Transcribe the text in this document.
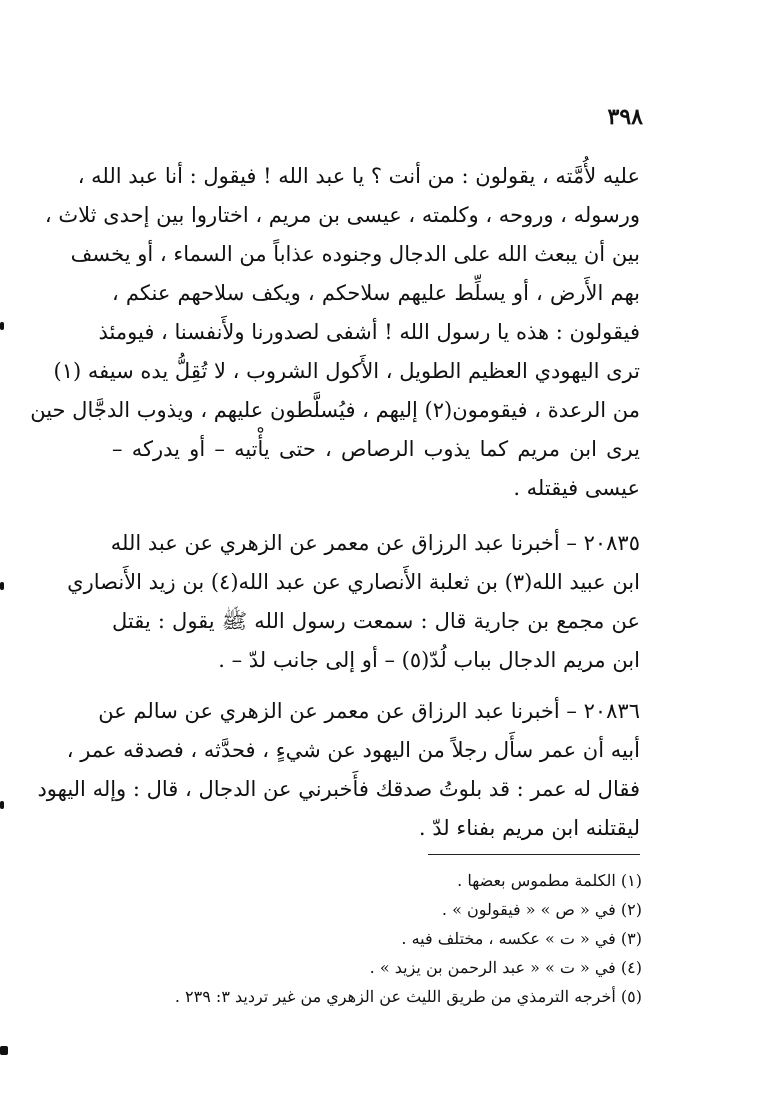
٣٩٨
عليه لأُمَّته ، يقولون : من أنت ؟ يا عبد الله ! فيقول : أنا عبد الله ،
ورسوله ، وروحه ، وكلمته ، عيسى بن مريم ، اختاروا بين إحدى ثلاث ،
بين أن يبعث الله على الدجال وجنوده عذاباً من السماء ، أو يخسف
بهم الأَرض ، أو يسلِّط عليهم سلاحكم ، ويكف سلاحهم عنكم ،
فيقولون : هذه يا رسول الله ! أشفى لصدورنا ولأَنفسنا ، فيومئذ
ترى اليهودي العظيم الطويل ، الأَكول الشروب ، لا تُقِلُّ يده سيفه (١)
من الرعدة ، فيقومون(٢) إليهم ، فيُسلَّطون عليهم ، ويذوب الدجَّال حين
يرى ابن مريم كما يذوب الرصاص ، حتى يأْتيه – أو يدركه –
عيسى فيقتله .
٢٠٨٣٥ – أخبرنا عبد الرزاق عن معمر عن الزهري عن عبد الله
ابن عبيد الله(٣) بن ثعلبة الأَنصاري عن عبد الله(٤) بن زيد الأَنصاري
عن مجمع بن جارية قال : سمعت رسول الله ﷺ يقول : يقتل
ابن مريم الدجال بباب لُدّ(٥) – أو إلى جانب لدّ – .
٢٠٨٣٦ – أخبرنا عبد الرزاق عن معمر عن الزهري عن سالم عن
أبيه أن عمر سأَل رجلاً من اليهود عن شيءٍ ، فحدَّثه ، فصدقه عمر ،
فقال له عمر : قد بلوتُ صدقك فأَخبرني عن الدجال ، قال : وإله اليهود
ليقتلنه ابن مريم بفناء لدّ .
(١) الكلمة مطموس بعضها .
(٢) في « ص » « فيقولون » .
(٣) في « ت » عكسه ، مختلف فيه .
(٤) في « ت » « عبد الرحمن بن يزيد » .
(٥) أخرجه الترمذي من طريق الليث عن الزهري من غير ترديد ٣: ٢٣٩ .
